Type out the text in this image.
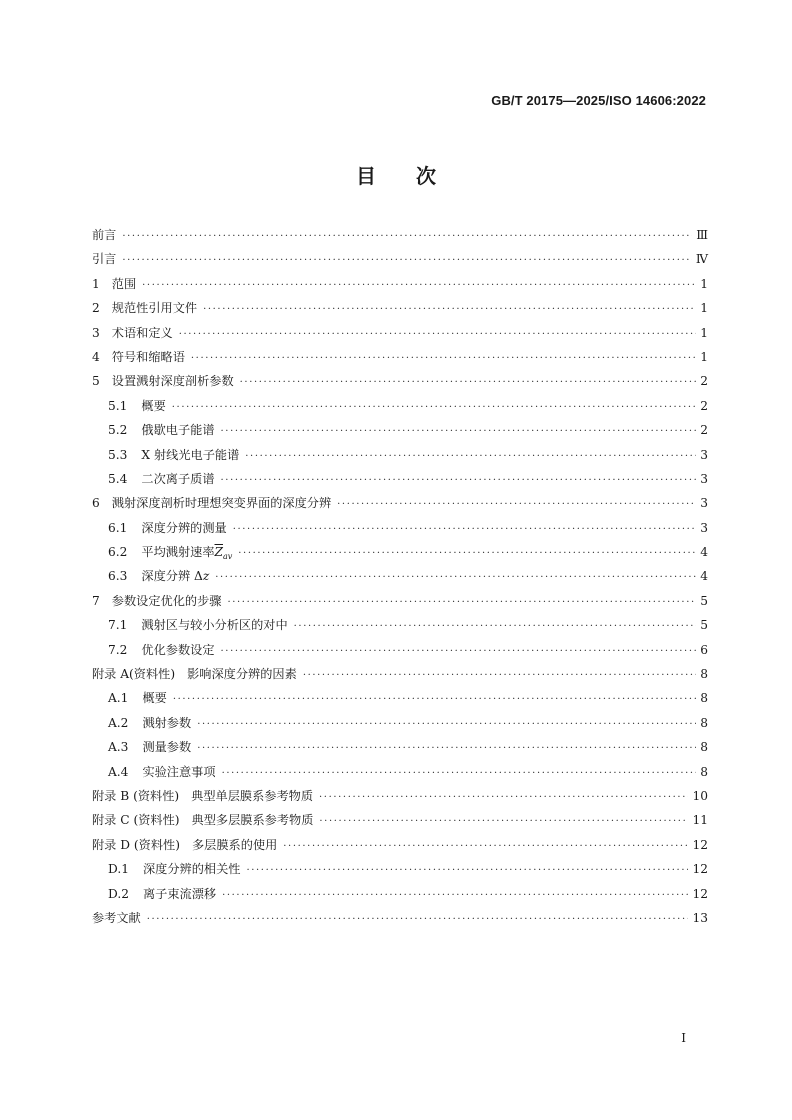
GB/T 20175—2025/ISO 14606:2022
目次
前言 ·····	Ⅲ
引言 ·····	Ⅳ
1 范围 ·····	1
2 规范性引用文件 ·····	1
3 术语和定义 ·····	1
4 符号和缩略语 ·····	1
5 设置溅射深度剖析参数 ·····	2
5.1 概要 ·····	2
5.2 俄歇电子能谱 ·····	2
5.3 X 射线光电子能谱 ·····	3
5.4 二次离子质谱 ·····	3
6 溅射深度剖析时理想突变界面的深度分辨 ·····	3
6.1 深度分辨的测量 ·····	3
6.2 平均溅射速率$\overline{Z}_{av}$ ·····	4
6.3 深度分辨 Δz ·····	4
7 参数设定优化的步骤 ·····	5
7.1 溅射区与较小分析区的对中 ·····	5
7.2 优化参数设定 ·····	6
附录 A(资料性) 影响深度分辨的因素 ·····	8
A.1 概要 ·····	8
A.2 溅射参数 ·····	8
A.3 测量参数 ·····	8
A.4 实验注意事项 ·····	8
附录 B (资料性) 典型单层膜系参考物质 ·····	10
附录 C (资料性) 典型多层膜系参考物质 ·····	11
附录 D (资料性) 多层膜系的使用 ·····	12
D.1 深度分辨的相关性 ·····	12
D.2 离子束流漂移 ·····	12
参考文献 ·····	13
I
